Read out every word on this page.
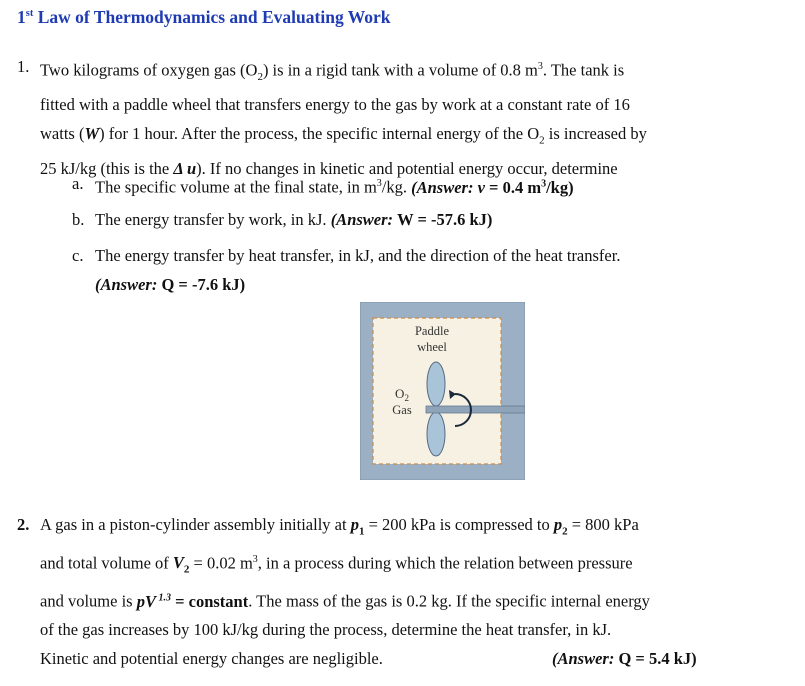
1st Law of Thermodynamics and Evaluating Work
1. Two kilograms of oxygen gas $(O_2)$ is in a rigid tank with a volume of 0.8 $m^3$. The tank is
fitted with a paddle wheel that transfers energy to the gas by work at a constant rate of 16
watts (W) for 1 hour. After the process, the specific internal energy of the $O_2$ is increased by
25 kJ/kg (this is the Δ u). If no changes in kinetic and potential energy occur, determine
a. The specific volume at the final state, in $m^3/kg$. (Answer: v = 0.4 $m^3/kg$)
b. The energy transfer by work, in kJ. (Answer: W = -57.6 kJ)
c. The energy transfer by heat transfer, in kJ, and the direction of the heat transfer.
(Answer: Q = -7.6 kJ)
Paddle
wheel
$O_2$
Gas
2. A gas in a piston-cylinder assembly initially at $p_1 = 200$ kPa is compressed to $p_2 = 800$ kPa
and total volume of $V_2 = 0.02$ $m^3$, in a process during which the relation between pressure
and volume is pV $^{1.3}$ = constant. The mass of the gas is 0.2 kg. If the specific internal energy
of the gas increases by 100 kJ/kg during the process, determine the heat transfer, in kJ.
Kinetic and potential energy changes are negligible.	(Answer: Q = 5.4 kJ)
